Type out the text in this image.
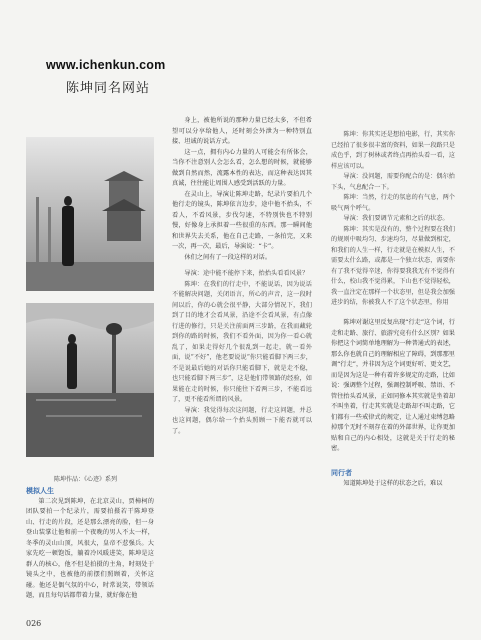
www.ichenkun.com
陈坤同名网站
陈坤作品：《心迹》系列

模拟人生

第二次见到陈坤，在北京灵山，贾樟柯的团队要拍一个纪录片，需要拍摄若干陈坤登山、行走的片段，还是那么漂亮的脸，但一身登山装掌让他和前一个夜晚的男人不太一样，冬季的灵山山顶，风很大，皇帝不惹强兵。大家先吃一顿饱饭，躺着冷风暖进笑，陈坤是这群人的核心，他不但是拍摄的主角，时刻处于镜头之中，也被他的前摆们照顾着，关怀这碰。他还是偶气氛的中心，时常说笑，带领话题，而且每句话都带着力量，就好像在他

身上，被他所说的那种力量已经太多，不但希望可以分享给他人，还时刻会外泄为一种特别直接、坦诚的说话方式。

这一点，拥有内心力量的人可能会有所体会，当你不注意别人会怎么看，怎么想的时候，就能够做到自然而然，流露本性的表达，而这种表达因其真诚，往往能让周围人感受到活跃的力量。

在灵山上，导演让陈坤走路，纪录片要拍几个他行走的镜头，陈坤依言边步，途中他不抬头，不看人，不看风景，步伐匀速，不特别快也不特别慢，好像身上承担着一些很重的东西。那一瞬间他和世界失去关系，他在自己走路，一条拍完，又来一次，再一次，最后，导演说：“卡”。

休们之间有了一段这样的对话。

导演：途中能不能停下来，抬抬头看看风景？

陈坤：在我们的行走中，不能说话，因为说话不能解决问题，关闭语言，所心的声音，这一段时间以后，你的心就会很平静，大部分情况下，我们到了目的地才会看风景，沿途不会看风景，有点像行进的修行，只是关注前面两三步路，在我而藏轮到你的路的时候，我们不看外面，因为你一看心就乱了，如果走得好几个很乱到一起走，就一看外面，说“不好”，他老要说说“你只能看脚下两三步，不是说最后她的对话你只能看脚下，就是走不稳，也只能看脚下两三步”，这是他们带领路的经验，如果能在走的时候，你只能往下看两三步，不能看远了，更不能看所谓的风景。

导演：我觉得每次这问题，行走这问题，并总也这问题，偶尔给一个抬头照顾一下能否就可以了。

陈坤：你其实还是想拍电影，行，其实你已经拍了很多很丰富的资料，如果一段路只是成色乎，到了树林或者终点再抬头看一看，这样应该可以。

导演：没问题，需要你配合的是：偶尔抬下头，气息配合一下。

陈坤：当然，行走的氛息的有气息，两个吸气两个呼气。

导演：我们要调节元素和之后的状态。

陈坤：其实是没有的，整个过程要在我们的规则中吸均匀、步速均匀，尽量做到相定，和我们的人生一样，行走就是在模拟人生，不需要太什么路，或都是一个独立状态，需要你有了我不觉得辛迷，你得要我我无有不觉得有什么，校山我不觉得累，下山也不觉得轻松，我一直注定在那样一个状态里，但是我会加强进步的结，你被我人不了这个状态里，你用

陈坤对谢这里反复出现“行走”这个词，行走和走路、旅行、旅游究竟有什么区别？如果你把这个词简单地理解为一种普通式的表述，那么你也就自己的理解相应了障碍，到那那里调“行走”，并非因为这个词更好听、更文艺，而是因为这是一种有着许多规定的走路，比如说：强调整个过程，强调控制呼吸、禁语、不管往抬头看风景，正如同修本其实就是坐着却不叫坐着，行走其实就是走路却不叫走路，它们都有一些戒律式的规定，让人通过束缚忽略掉那个无时不刻存在着的外部世界，让你更加贴和自己的内心相处，这就是关于行走的秘密。

同行者

知道陈坤处于这样的状态之后，难以

026
